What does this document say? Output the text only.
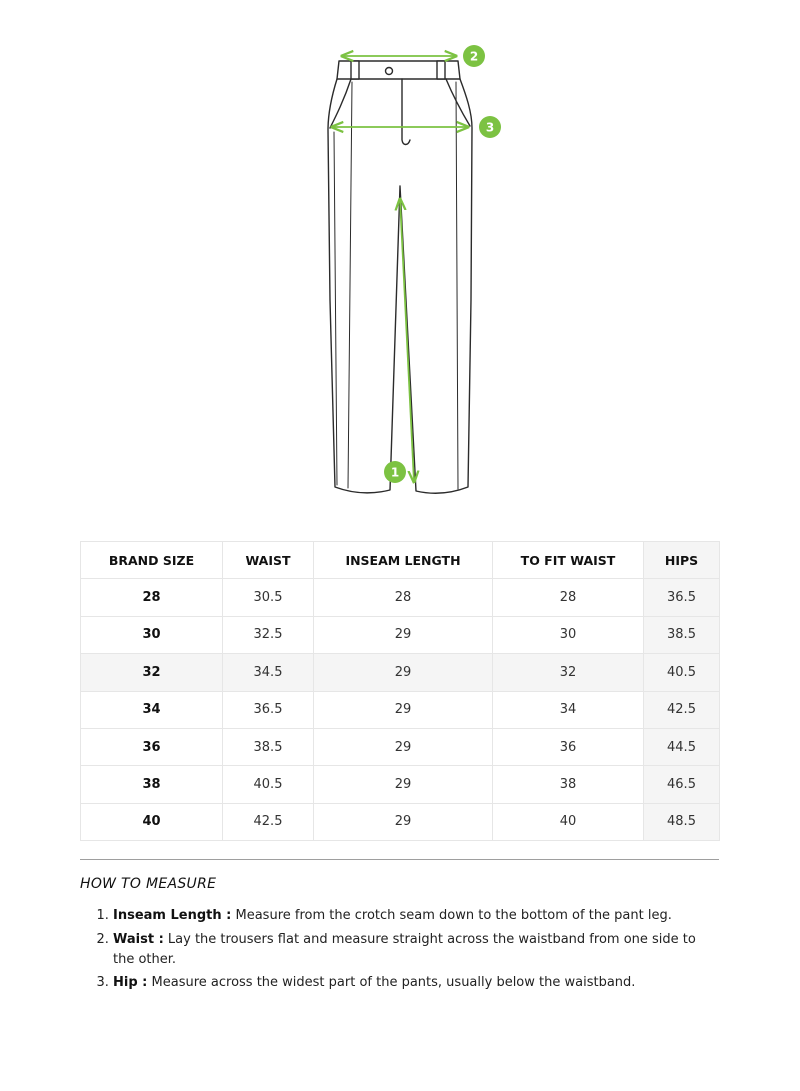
1
2
3
BRAND SIZE	WAIST	INSEAM LENGTH	TO FIT WAIST	HIPS
28	30.5	28	28	36.5
30	32.5	29	30	38.5
32	34.5	29	32	40.5
34	36.5	29	34	42.5
36	38.5	29	36	44.5
38	40.5	29	38	46.5
40	42.5	29	40	48.5
HOW TO MEASURE
1. Inseam Length : Measure from the crotch seam down to the bottom of the pant leg.
2. Waist : Lay the trousers flat and measure straight across the waistband from one side to the other.
3. Hip : Measure across the widest part of the pants, usually below the waistband.
